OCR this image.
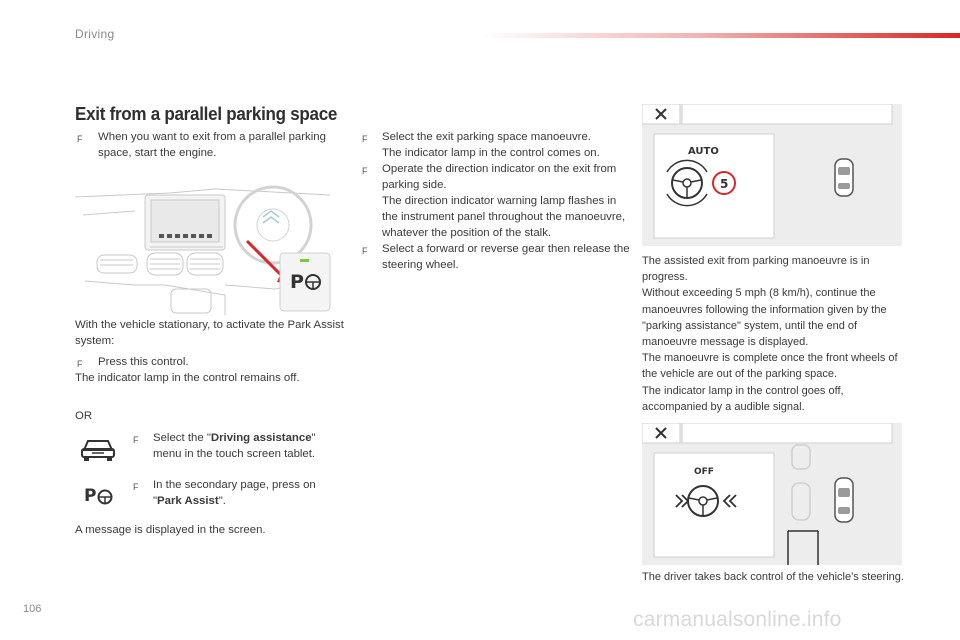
Driving
Exit from a parallel parking space
F When you want to exit from a parallel parking space, start the engine.
P
With the vehicle stationary, to activate the Park Assist system:
F Press this control.
The indicator lamp in the control remains off.
OR
F Select the "Driving assistance" menu in the touch screen tablet.
P	F In the secondary page, press on "Park Assist".
A message is displayed in the screen.
F Select the exit parking space manoeuvre.
The indicator lamp in the control comes on.
F Operate the direction indicator on the exit from parking side.
The direction indicator warning lamp flashes in the instrument panel throughout the manoeuvre, whatever the position of the stalk.
F Select a forward or reverse gear then release the steering wheel.
AUTO
5
The assisted exit from parking manoeuvre is in progress.
Without exceeding 5 mph (8 km/h), continue the manoeuvres following the information given by the "parking assistance" system, until the end of manoeuvre message is displayed.
The manoeuvre is complete once the front wheels of the vehicle are out of the parking space.
The indicator lamp in the control goes off, accompanied by a audible signal.
OFF
The driver takes back control of the vehicle's steering.
106	carmanualsonline.info
